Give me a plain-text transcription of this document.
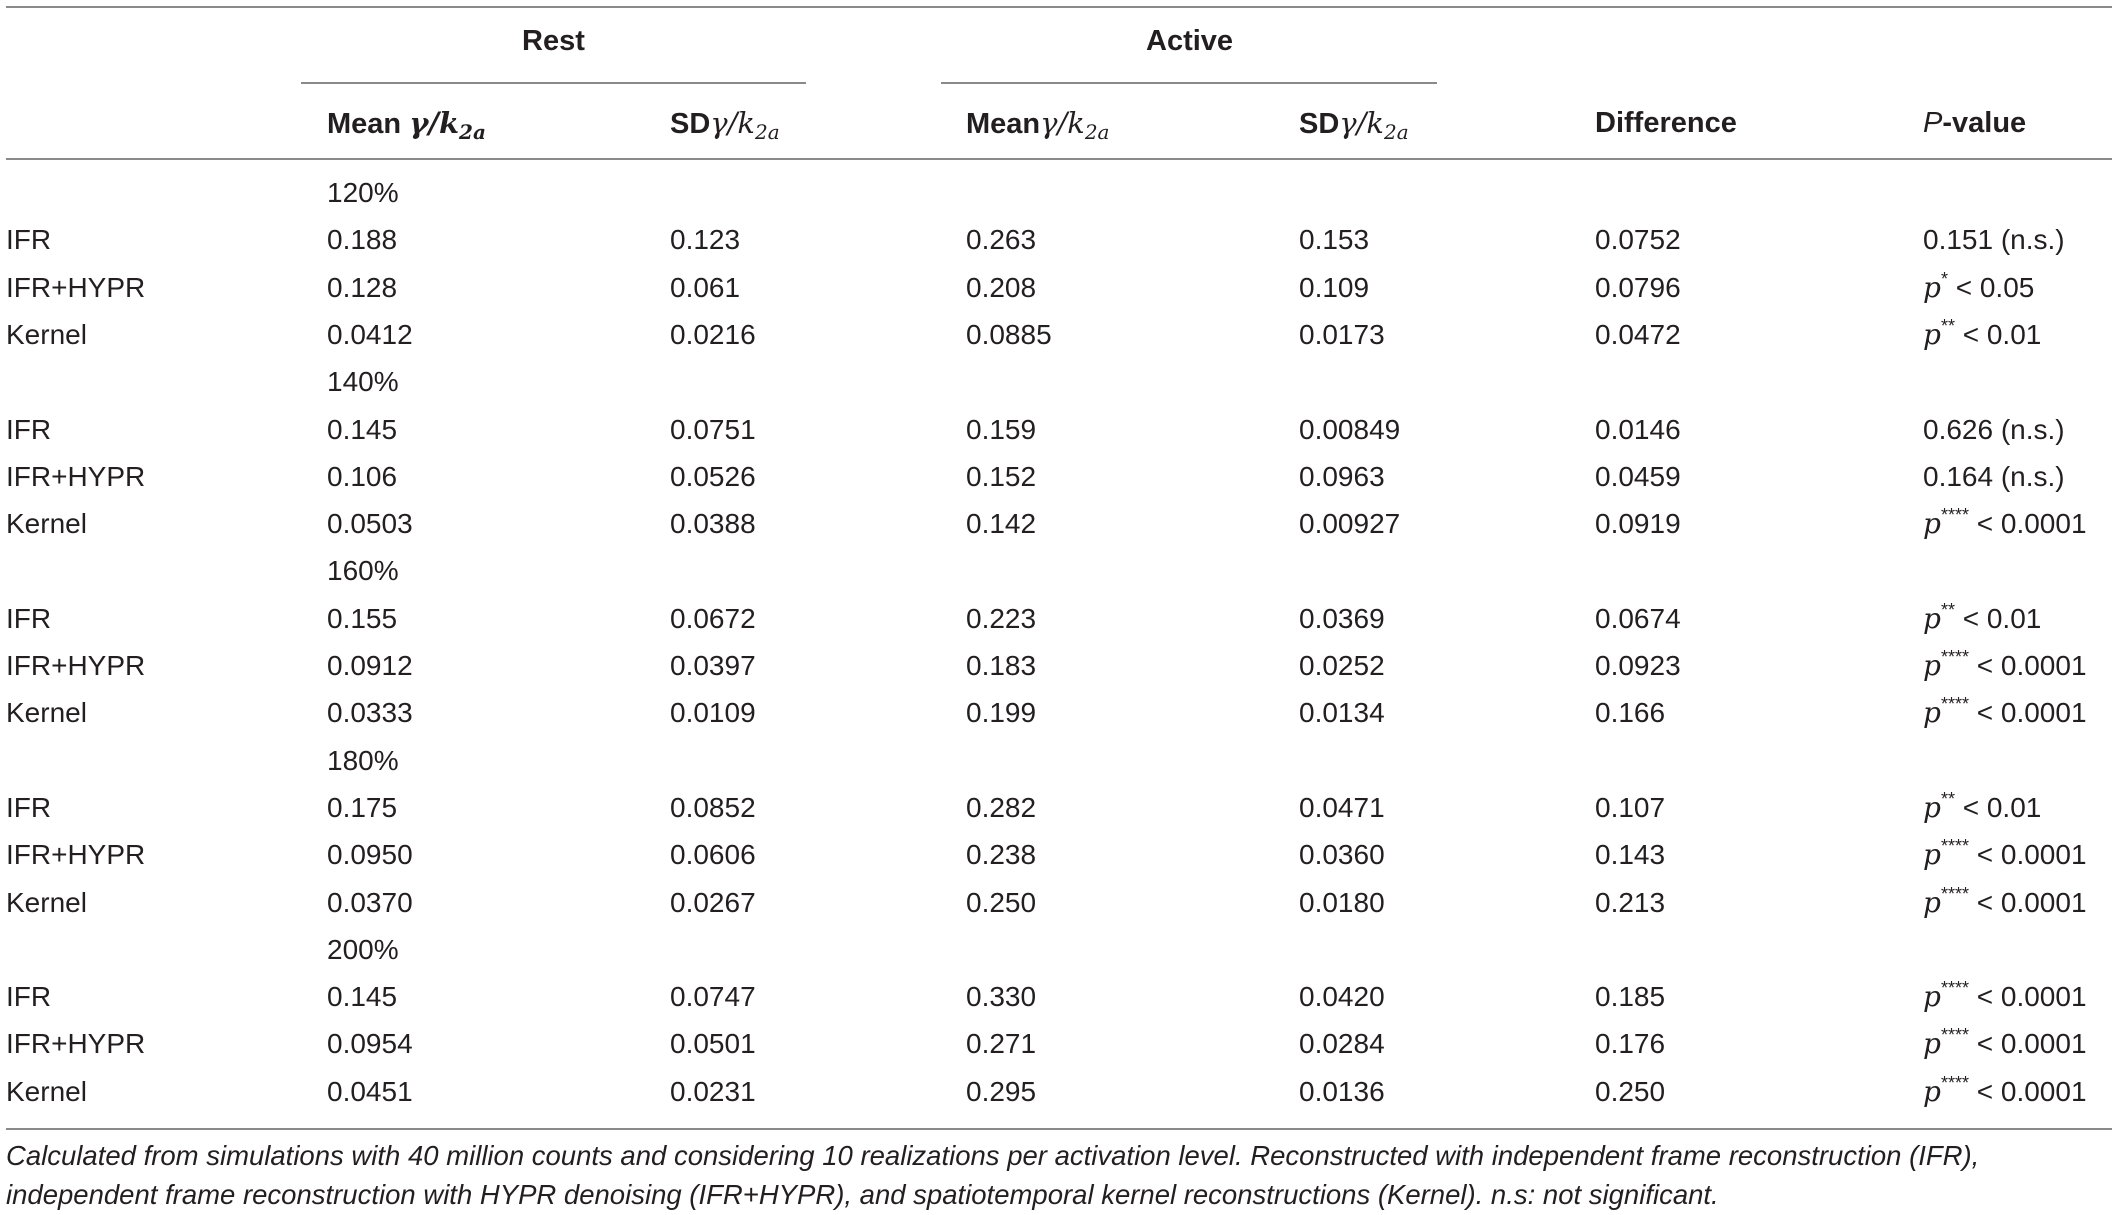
Rest	Active
Mean $\gamma/k_{2a}$	SDγ/$k_{2a}$	Meanγ/$k_{2a}$	SDγ/$k_{2a}$	Difference	P-value
120%
IFR	0.188	0.123	0.263	0.153	0.0752	0.151 (n.s.)
IFR+HYPR	0.128	0.061	0.208	0.109	0.0796	p* < 0.05
Kernel	0.0412	0.0216	0.0885	0.0173	0.0472	p** < 0.01
140%
IFR	0.145	0.0751	0.159	0.00849	0.0146	0.626 (n.s.)
IFR+HYPR	0.106	0.0526	0.152	0.0963	0.0459	0.164 (n.s.)
Kernel	0.0503	0.0388	0.142	0.00927	0.0919	p**** < 0.0001
160%
IFR	0.155	0.0672	0.223	0.0369	0.0674	p** < 0.01
IFR+HYPR	0.0912	0.0397	0.183	0.0252	0.0923	p**** < 0.0001
Kernel	0.0333	0.0109	0.199	0.0134	0.166	p**** < 0.0001
180%
IFR	0.175	0.0852	0.282	0.0471	0.107	p** < 0.01
IFR+HYPR	0.0950	0.0606	0.238	0.0360	0.143	p**** < 0.0001
Kernel	0.0370	0.0267	0.250	0.0180	0.213	p**** < 0.0001
200%
IFR	0.145	0.0747	0.330	0.0420	0.185	p**** < 0.0001
IFR+HYPR	0.0954	0.0501	0.271	0.0284	0.176	p**** < 0.0001
Kernel	0.0451	0.0231	0.295	0.0136	0.250	p**** < 0.0001
Calculated from simulations with 40 million counts and considering 10 realizations per activation level. Reconstructed with independent frame reconstruction (IFR),
independent frame reconstruction with HYPR denoising (IFR+HYPR), and spatiotemporal kernel reconstructions (Kernel). n.s: not significant.
